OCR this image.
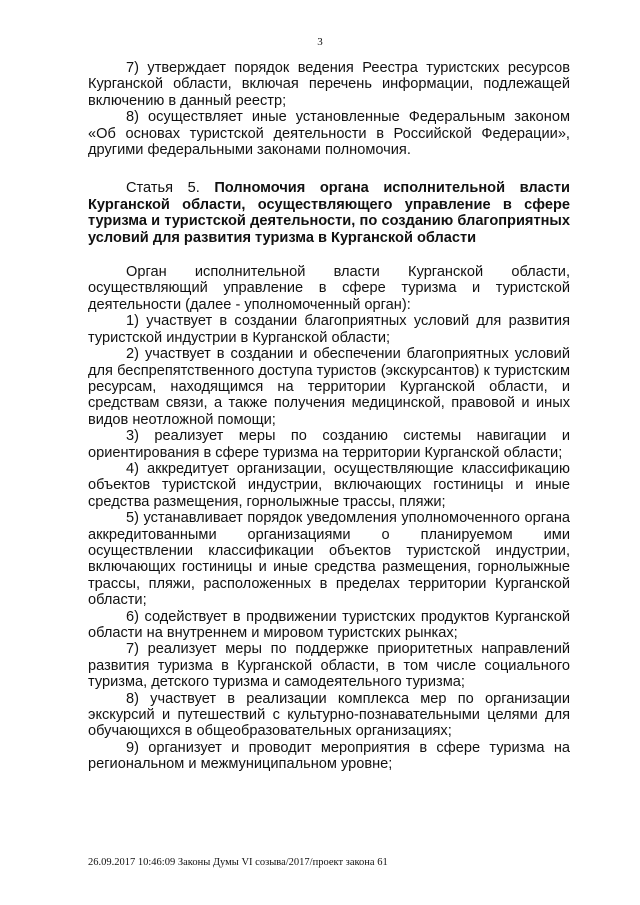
3

7) утверждает порядок ведения Реестра туристских ресурсов Курганской области, включая перечень информации, подлежащей включению в данный реестр;

8) осуществляет иные установленные Федеральным законом «Об основах туристской деятельности в Российской Федерации», другими федеральными законами полномочия.

Статья 5. Полномочия органа исполнительной власти Курганской области, осуществляющего управление в сфере туризма и туристской деятельности, по созданию благоприятных условий для развития туризма в Курганской области

Орган исполнительной власти Курганской области, осуществляющий управление в сфере туризма и туристской деятельности (далее - уполномоченный орган):

1) участвует в создании благоприятных условий для развития туристской индустрии в Курганской области;

2) участвует в создании и обеспечении благоприятных условий для беспрепятственного доступа туристов (экскурсантов) к туристским ресурсам, находящимся на территории Курганской области, и средствам связи, а также получения медицинской, правовой и иных видов неотложной помощи;

3) реализует меры по созданию системы навигации и ориентирования в сфере туризма на территории Курганской области;

4) аккредитует организации, осуществляющие классификацию объектов туристской индустрии, включающих гостиницы и иные средства размещения, горнолыжные трассы, пляжи;

5) устанавливает порядок уведомления уполномоченного органа аккредитованными организациями о планируемом ими осуществлении классификации объектов туристской индустрии, включающих гостиницы и иные средства размещения, горнолыжные трассы, пляжи, расположенных в пределах территории Курганской области;

6) содействует в продвижении туристских продуктов Курганской области на внутреннем и мировом туристских рынках;

7) реализует меры по поддержке приоритетных направлений развития туризма в Курганской области, в том числе социального туризма, детского туризма и самодеятельного туризма;

8) участвует в реализации комплекса мер по организации экскурсий и путешествий с культурно-познавательными целями для обучающихся в общеобразовательных организациях;

9) организует и проводит мероприятия в сфере туризма на региональном и межмуниципальном уровне;

26.09.2017 10:46:09 Законы Думы VI созыва/2017/проект закона 61
